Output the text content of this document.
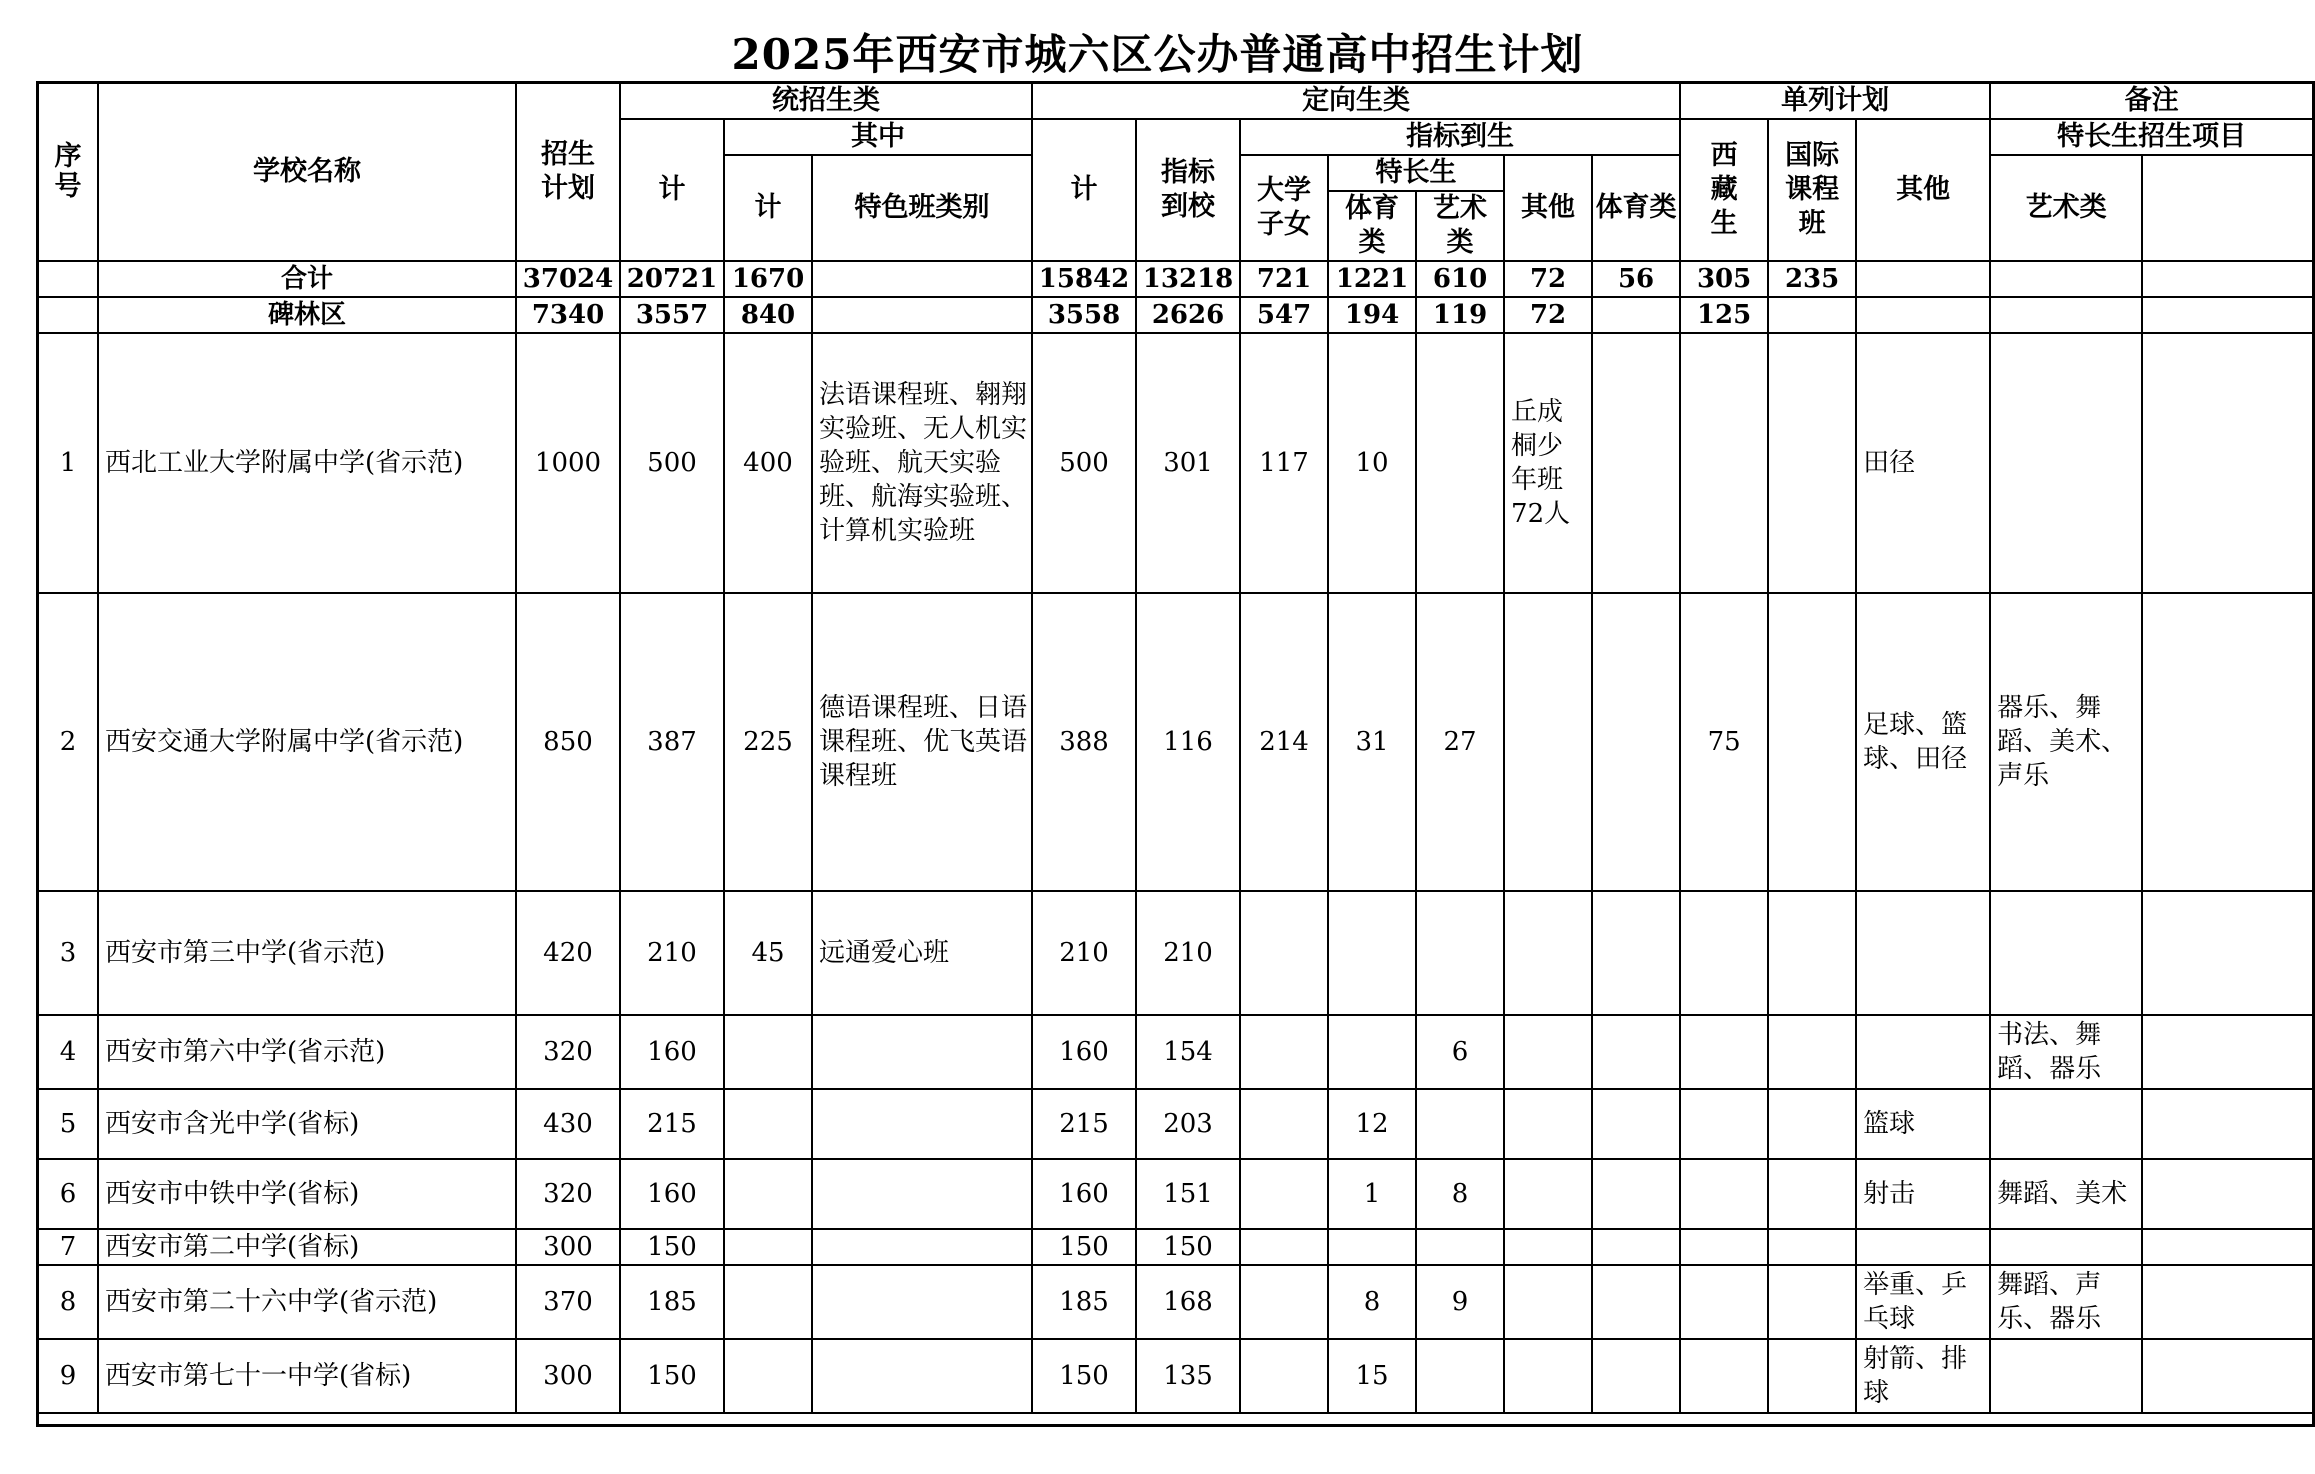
2025年西安市城六区公办普通高中招生计划
序号	学校名称	招生计划	统招生类			定向生类							单列计划			备注		
			计	其中		计	指标到校	指标到生					西藏生	国际课程班	其他	特长生招生项目	
				计	特色班类别			大学子女	特长生		其他	体育类				艺术类		
									体育类	艺术类								
	合计	37024	20721	1670		15842	13218	721	1221	610	72	56	305	235				
	碑林区	7340	3557	840		3558	2626	547	194	119	72		125					
1	西北工业大学附属中学(省示范)	1000	500	400	法语课程班、翱翔实验班、无人机实验班、航天实验班、航海实验班、计算机实验班	500	301	117	10		丘成桐少年班72人				田径			
2	西安交通大学附属中学(省示范)	850	387	225	德语课程班、日语课程班、优飞英语课程班	388	116	214	31	27			75		足球、篮球、田径	器乐、舞蹈、美术、声乐		
3	西安市第三中学(省示范)	420	210	45	远通爱心班	210	210											
4	西安市第六中学(省示范)	320	160			160	154			6						书法、舞蹈、器乐		
5	西安市含光中学(省标)	430	215			215	203		12						篮球			
6	西安市中铁中学(省标)	320	160			160	151		1	8					射击	舞蹈、美术		
7	西安市第二中学(省标)	300	150			150	150											
8	西安市第二十六中学(省示范)	370	185			185	168		8	9					举重、乒乓球	舞蹈、声乐、器乐		
9	西安市第七十一中学(省标)	300	150			150	135		15						射箭、排球			
